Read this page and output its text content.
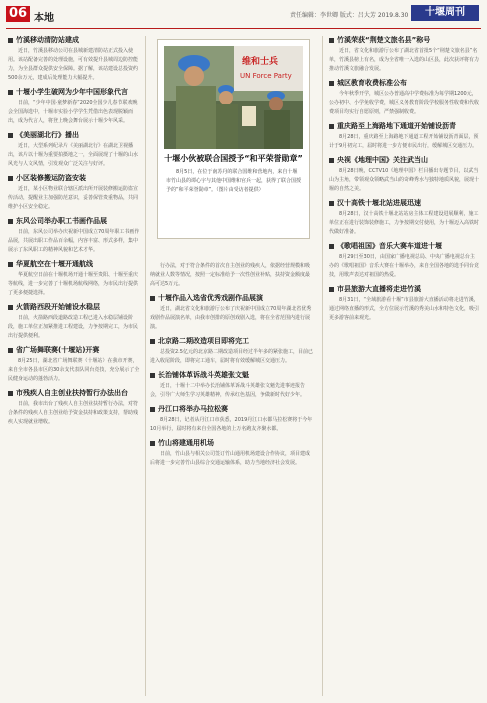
06 本地	责任编辑：李世卿 版式：吕大芳 2019.8.30	十堰周刊
竹溪移动清防站建成
近日，竹溪县移动公司在县城新建清防站正式投入使用。该站配备完善的处理设施，可有效提升县城周边防控能力，为全县群众提供安全保障。据了解，该站建设总投资约500余万元，建成后处理能力大幅提升。
十堰小学生破网为少年中国形象代言
日前，“少年中国·童梦新春”2020全国少儿春节联欢晚会全国海选中，十堰市实验小学学生凭借出色表现脱颖而出，成为代言人，将登上晚会舞台展示十堰少年风采。
《美丽湖北行》播出
近日，大型系列纪录片《美丽湖北行》在湖北卫视播出，该片以十堰为重要拍摄地之一，全面展现了十堰的山水风光与人文风情，引发观众广泛关注与好评。
小区装修搬运防盗安装
近日，某小区物业联合辖区派出所开展装修搬运防盗宣传活动，提醒业主加强防范意识，妥善保管贵重物品，共同维护小区安全稳定。
东风公司举办职工书画作品展
日前，东风公司举办庆祝新中国成立70周年职工书画作品展，共展出职工作品百余幅，内容丰富、形式多样，集中展示了东风职工的精神风貌和艺术才华。
华夏航空在十堰开通航线
华夏航空日前在十堰机场开通十堰至贵阳、十堰至重庆等航线，进一步完善了十堰机场航线网络，为市民出行提供了更多便捷选择。
火箭路西段开始铺设水稳层
日前，火箭路西段道路改造工程已进入水稳层铺设阶段，施工单位正加紧推进工程建设，力争按期完工，为市民出行提供便利。
省广场舞联赛(十堰站)开赛
8月25日，湖北省广场舞联赛（十堰站）在我市开赛，来自全市各县市区的30余支代表队同台竞技，充分展示了全民健身运动的蓬勃活力。
市残疾人自主创业扶持暂行办法出台
日前，我市出台了残疾人自主创业扶持暂行办法，对符合条件的残疾人自主创业给予资金扶持和政策支持，帮助残疾人实现就业增收。
维和士兵
UN Force Party
十堰小伙被联合国授予“和平荣誉勋章”
8月5日，在位于南苏丹的联合国维和营地内，来自十堰市竹山县的谭心宇与其他中国维和官兵一起，获得了联合国授予的“和平荣誉勋章”。（图片由受访者提供）
行办法，对于符合条件的首次自主创业的残疾人，依据经营规模和吸纳就业人数等情况，按照一定标准给予一次性创业补贴，扶持资金额度最高可达5万元。
十堰作品入选省优秀戏剧作品展演
近日，湖北省文化和旅游厅公布了庆祝新中国成立70周年湖北省优秀戏剧作品展演名单，由我市创排的原创戏剧入选，将在全省范围内进行展演。
北京路二期改造项目即将完工
总投资2.5亿元的北京路二期改造项目经过半年多的紧张施工，目前已进入收尾阶段，即将完工通车，届时将有效缓解城区交通压力。
长治铺体革诉战斗英雄张文魁
近日，十堰十二中举办长治铺体革诉战斗英雄张文魁先进事迹报告会，引导广大师生学习英雄精神，传承红色基因，争做新时代好少年。
丹江口将举办马拉松赛
8月28日，记者从丹江口市获悉，2019丹江口水都马拉松赛将于今年10月举行，届时将有来自全国各地的上万名跑友齐聚水都。
竹山将建通用机场
日前，竹山县与相关公司签订竹山通用机场建设合作协议，项目建成后将进一步完善竹山县综合交通运输体系，助力当地经济社会发展。
竹溪荣获“荆楚文旅名县”称号
近日，省文化和旅游厅公布了湖北省首批5个“荆楚文旅名县”名单，竹溪县榜上有名，成为全省唯一入选的山区县，此次获评将有力推动竹溪文旅融合发展。
城区教育收费标准公布
今年秋季开学，城区公办普通高中学费标准为每学期1200元，公办初中、小学免收学费，城区义务教育阶段学校服务性收费和代收费项目均实行自愿原则，严禁强制收费。
重庆路至上海路地下通道开始铺设沥青
8月28日，重庆路至上海路地下通道工程开始铺设沥青面层，预计于9月初完工，届时将进一步方便市民出行，缓解城区交通压力。
央视《地理中国》关注武当山
8月28日晚，CCTV10《地理中国》栏目播出专题节目，以武当山为主角，带领观众领略武当山的奇峰秀水与独特地质风貌，展现十堰的自然之美。
汉十高铁十堰北站进展迅速
8月28日，汉十高铁十堰北站站房主体工程建设进展顺利，施工单位正在进行装饰装修施工，力争按期交付使用，为十堰迈入高铁时代做好准备。
《歌唱祖国》音乐大赛车道进十堰
8月29日至30日，由国家广播电视总局、中央广播电视总台主办的《歌唱祖国》音乐大赛在十堰举办，来自全国各地的选手同台竞技，用歌声表达对祖国的热爱。
市县旅游大直播将走进竹溪
8月31日，“全域旅游看十堰”市县旅游大直播活动将走进竹溪，通过网络直播的形式，全方位展示竹溪的秀美山水和特色文化，吸引更多游客前来观光。
